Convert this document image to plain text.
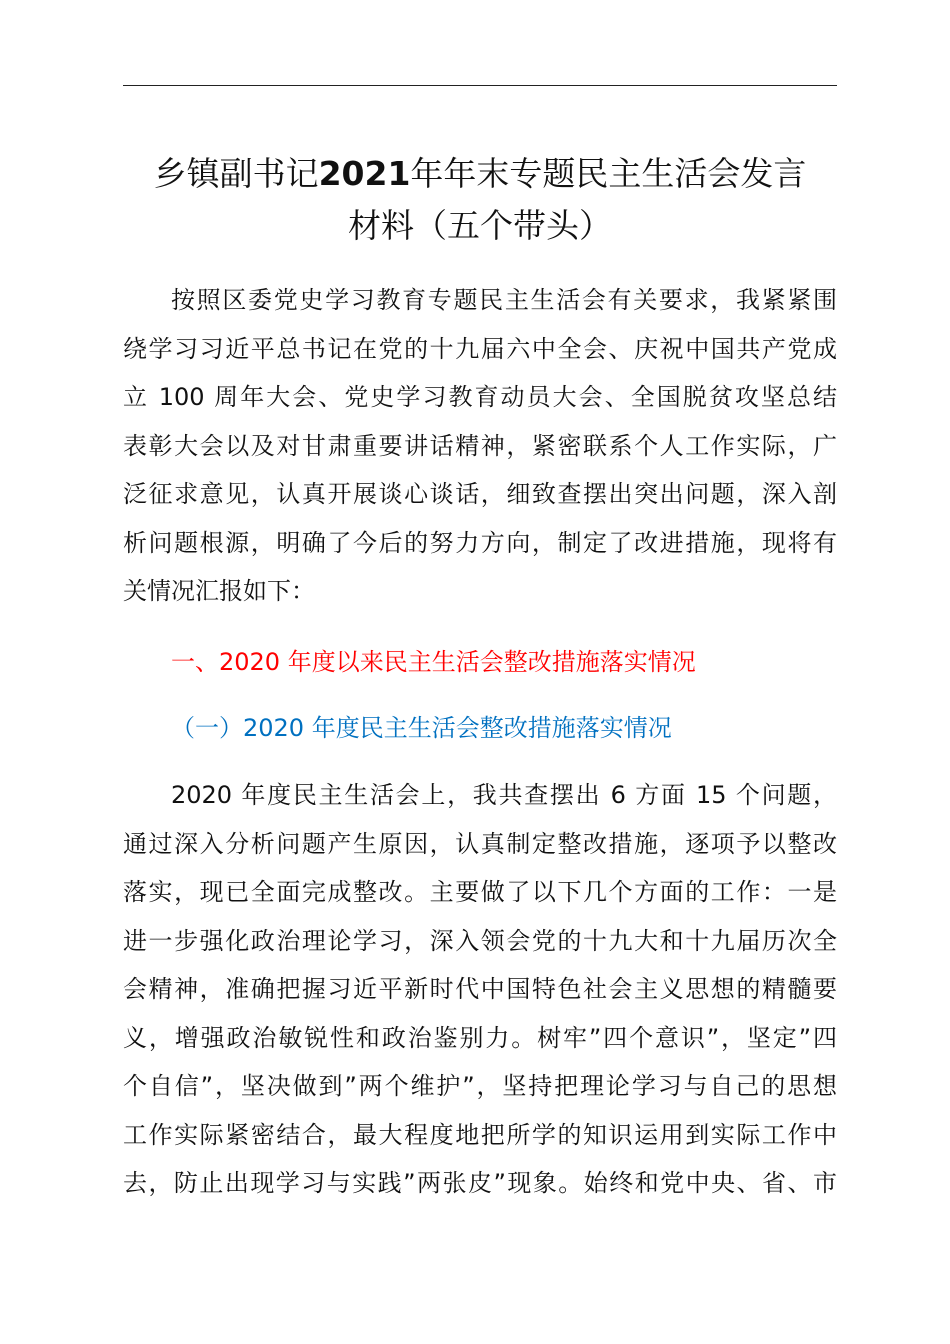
乡镇副书记2021年年末专题民主生活会发言
材料（五个带头）
按照区委党史学习教育专题民主生活会有关要求，我紧紧围
绕学习习近平总书记在党的十九届六中全会、庆祝中国共产党成
立 100 周年大会、党史学习教育动员大会、全国脱贫攻坚总结
表彰大会以及对甘肃重要讲话精神，紧密联系个人工作实际，广
泛征求意见，认真开展谈心谈话，细致查摆出突出问题，深入剖
析问题根源，明确了今后的努力方向，制定了改进措施，现将有
关情况汇报如下：
一、2020 年度以来民主生活会整改措施落实情况
（一）2020 年度民主生活会整改措施落实情况
2020 年度民主生活会上，我共查摆出 6 方面 15 个问题，
通过深入分析问题产生原因，认真制定整改措施，逐项予以整改
落实，现已全面完成整改。主要做了以下几个方面的工作：一是
进一步强化政治理论学习，深入领会党的十九大和十九届历次全
会精神，准确把握习近平新时代中国特色社会主义思想的精髓要
义，增强政治敏锐性和政治鉴别力。树牢”四个意识”，坚定”四
个自信”，坚决做到”两个维护”，坚持把理论学习与自己的思想
工作实际紧密结合，最大程度地把所学的知识运用到实际工作中
去，防止出现学习与实践”两张皮”现象。始终和党中央、省、市
